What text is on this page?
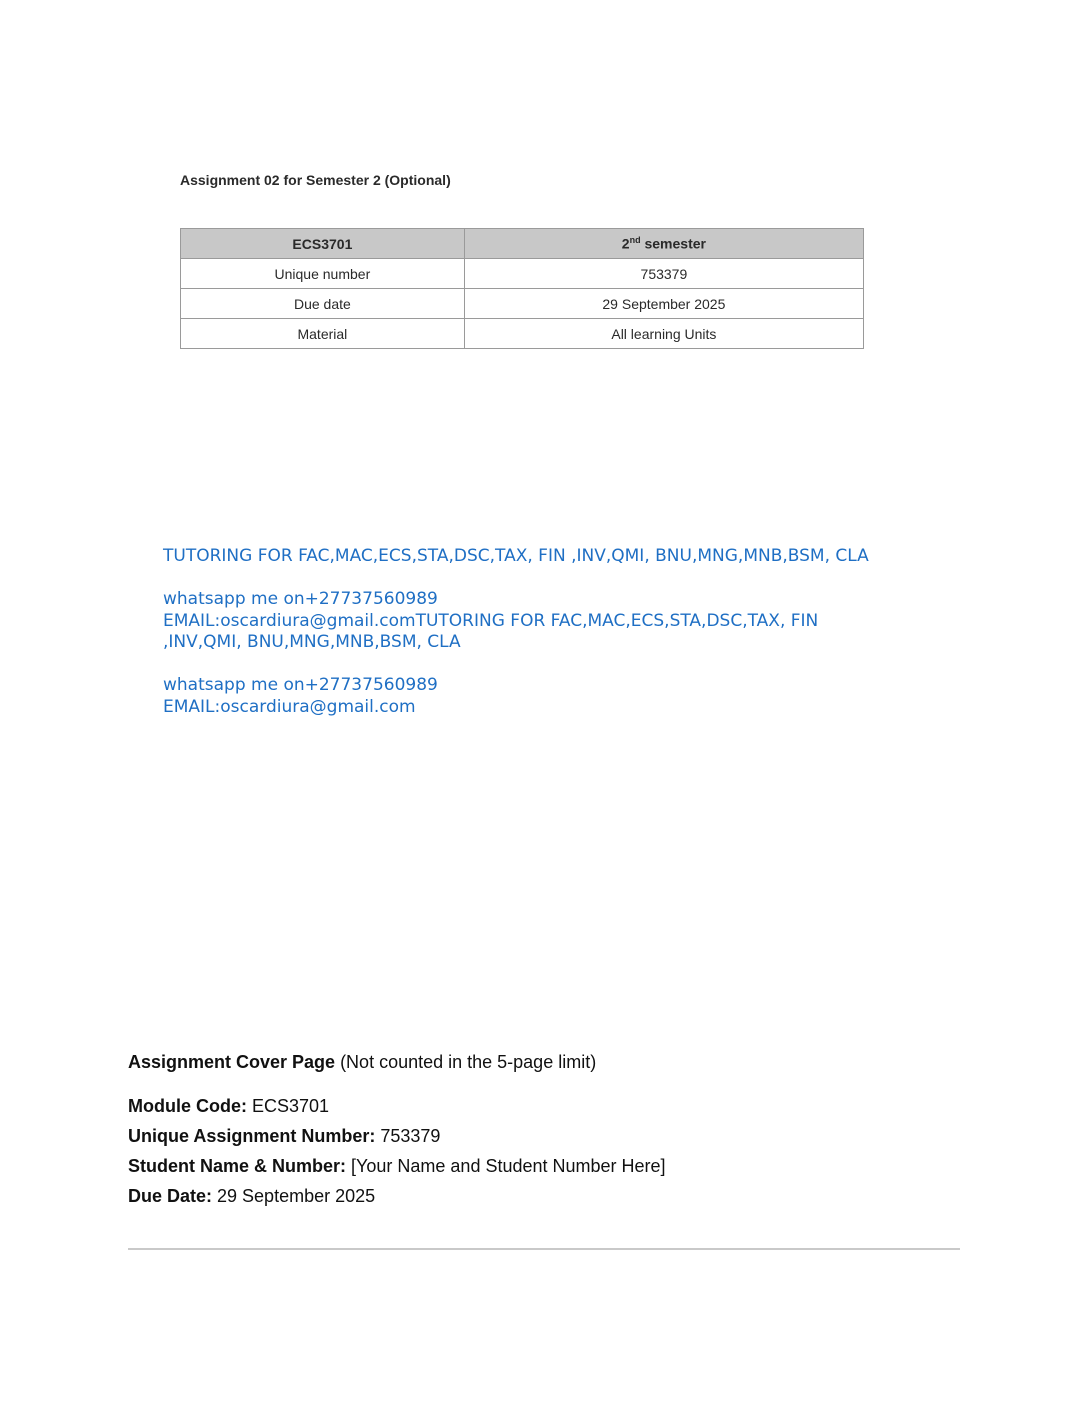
Assignment 02 for Semester 2 (Optional)
ECS3701	2nd semester
Unique number	753379
Due date	29 September 2025
Material	All learning Units
TUTORING FOR FAC,MAC,ECS,STA,DSC,TAX, FIN ,INV,QMI, BNU,MNG,MNB,BSM, CLA
whatsapp me on+27737560989
EMAIL:oscardiura@gmail.comTUTORING FOR FAC,MAC,ECS,STA,DSC,TAX, FIN
,INV,QMI, BNU,MNG,MNB,BSM, CLA
whatsapp me on+27737560989
EMAIL:oscardiura@gmail.com
Assignment Cover Page (Not counted in the 5-page limit)
Module Code: ECS3701
Unique Assignment Number: 753379
Student Name & Number: [Your Name and Student Number Here]
Due Date: 29 September 2025
